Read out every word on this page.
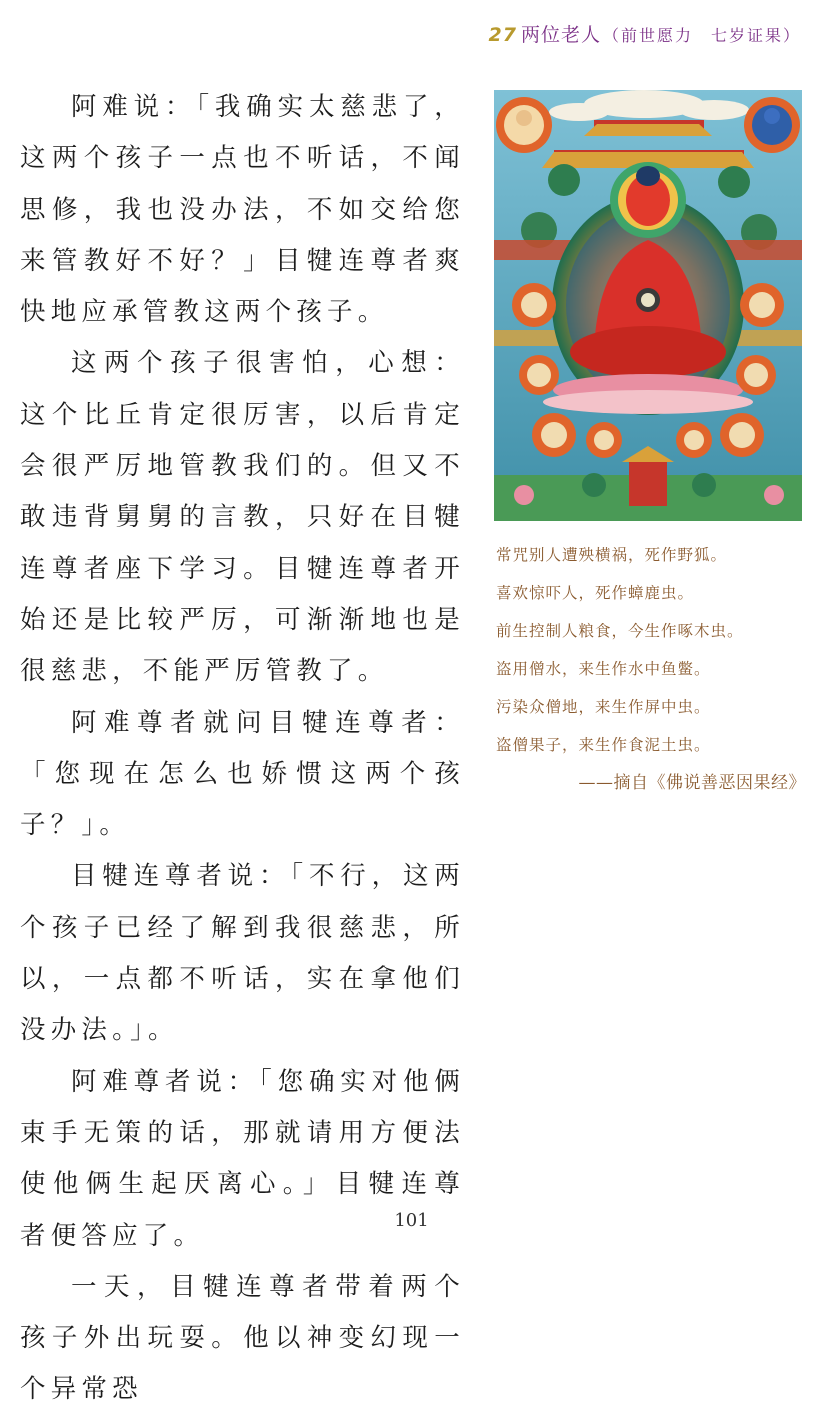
27 两位老人 （前世愿力　七岁证果）

阿难说：「我确实太慈悲了，这两个孩子一点也不听话，不闻思修，我也没办法，不如交给您来管教好不好？」目犍连尊者爽快地应承管教这两个孩子。

这两个孩子很害怕，心想：这个比丘肯定很厉害，以后肯定会很严厉地管教我们的。但又不敢违背舅舅的言教，只好在目犍连尊者座下学习。目犍连尊者开始还是比较严厉，可渐渐地也是很慈悲，不能严厉管教了。

阿难尊者就问目犍连尊者：「您现在怎么也娇惯这两个孩子？」。

目犍连尊者说：「不行，这两个孩子已经了解到我很慈悲，所以，一点都不听话，实在拿他们没办法。」。

阿难尊者说：「您确实对他俩束手无策的话，那就请用方便法使他俩生起厌离心。」目犍连尊者便答应了。

一天，目犍连尊者带着两个孩子外出玩耍。他以神变幻现一个异常恐

常咒别人遭殃横祸，死作野狐。
喜欢惊吓人，死作蟑鹿虫。
前生控制人粮食，今生作啄木虫。
盗用僧水，来生作水中鱼鳖。
污染众僧地，来生作屏中虫。
盗僧果子，来生作食泥土虫。
——摘自《佛说善恶因果经》
101
